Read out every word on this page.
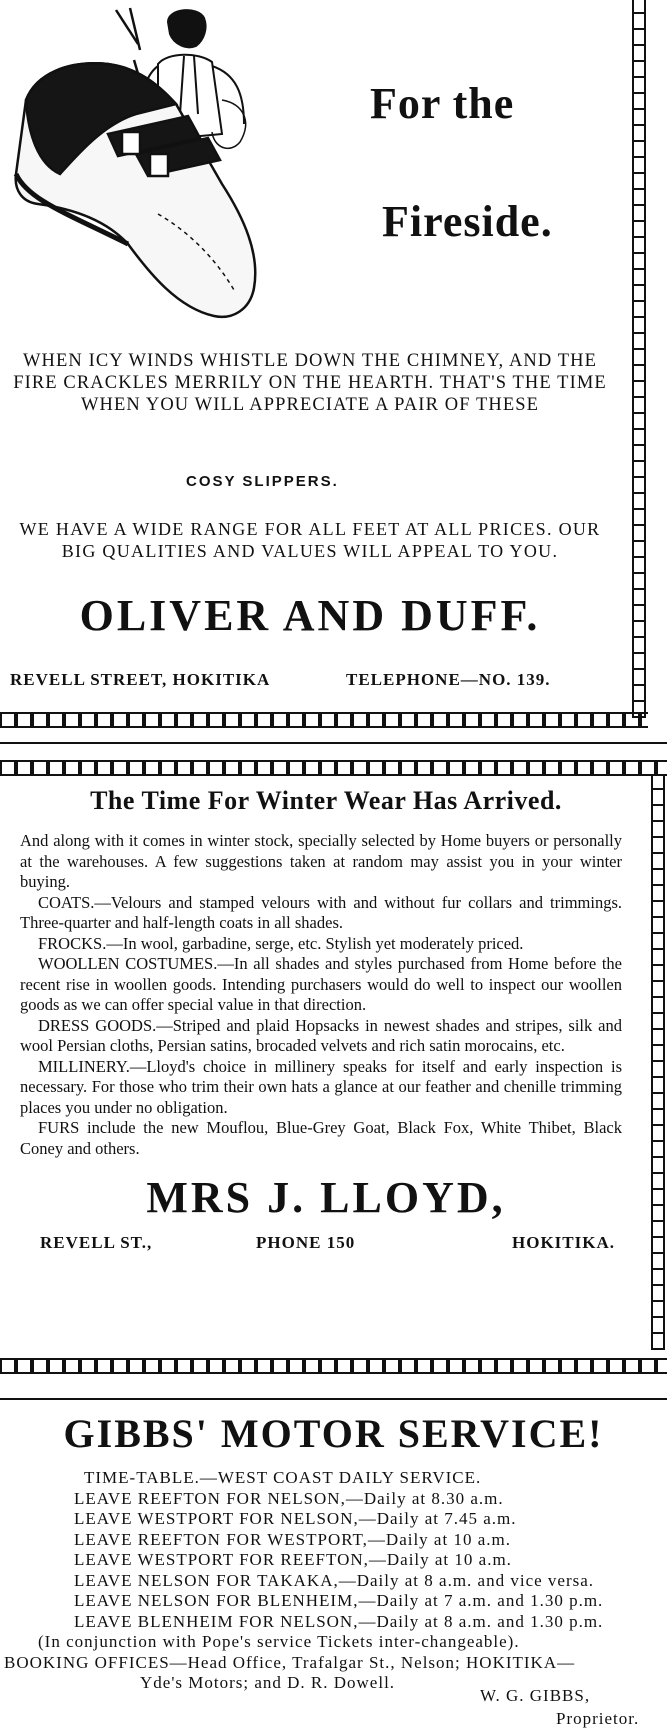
For the
Fireside.
WHEN ICY WINDS WHISTLE DOWN THE CHIMNEY, AND THE FIRE CRACKLES MERRILY ON THE HEARTH. THAT'S THE TIME WHEN YOU WILL APPRECIATE A PAIR OF THESE
COSY SLIPPERS.
WE HAVE A WIDE RANGE FOR ALL FEET AT ALL PRICES. OUR BIG QUALITIES AND VALUES WILL APPEAL TO YOU.
OLIVER AND DUFF.
REVELL STREET, HOKITIKA	TELEPHONE—NO. 139.
The Time For Winter Wear Has Arrived.

And along with it comes in winter stock, specially selected by Home buyers or personally at the warehouses. A few suggestions taken at random may assist you in your winter buying.

COATS.—Velours and stamped velours with and without fur collars and trimmings. Three-quarter and half-length coats in all shades.

FROCKS.—In wool, garbadine, serge, etc. Stylish yet moderately priced.

WOOLLEN COSTUMES.—In all shades and styles purchased from Home before the recent rise in woollen goods. Intending purchasers would do well to inspect our woollen goods as we can offer special value in that direction.

DRESS GOODS.—Striped and plaid Hopsacks in newest shades and stripes, silk and wool Persian cloths, Persian satins, brocaded velvets and rich satin morocains, etc.

MILLINERY.—Lloyd's choice in millinery speaks for itself and early inspection is necessary. For those who trim their own hats a glance at our feather and chenille trimming places you under no obligation.

FURS include the new Mouflou, Blue-Grey Goat, Black Fox, White Thibet, Black Coney and others.

MRS J. LLOYD,
REVELL ST.,	PHONE 150	HOKITIKA.
GIBBS' MOTOR SERVICE!
TIME-TABLE.—WEST COAST DAILY SERVICE.
LEAVE REEFTON FOR NELSON,—Daily at 8.30 a.m.
LEAVE WESTPORT FOR NELSON,—Daily at 7.45 a.m.
LEAVE REEFTON FOR WESTPORT,—Daily at 10 a.m.
LEAVE WESTPORT FOR REEFTON,—Daily at 10 a.m.
LEAVE NELSON FOR TAKAKA,—Daily at 8 a.m. and vice versa.
LEAVE NELSON FOR BLENHEIM,—Daily at 7 a.m. and 1.30 p.m.
LEAVE BLENHEIM FOR NELSON,—Daily at 8 a.m. and 1.30 p.m.
(In conjunction with Pope's service Tickets inter-changeable).
BOOKING OFFICES—Head Office, Trafalgar St., Nelson; HOKITIKA—
Yde's Motors; and D. R. Dowell.
W. G. GIBBS,
Proprietor.
